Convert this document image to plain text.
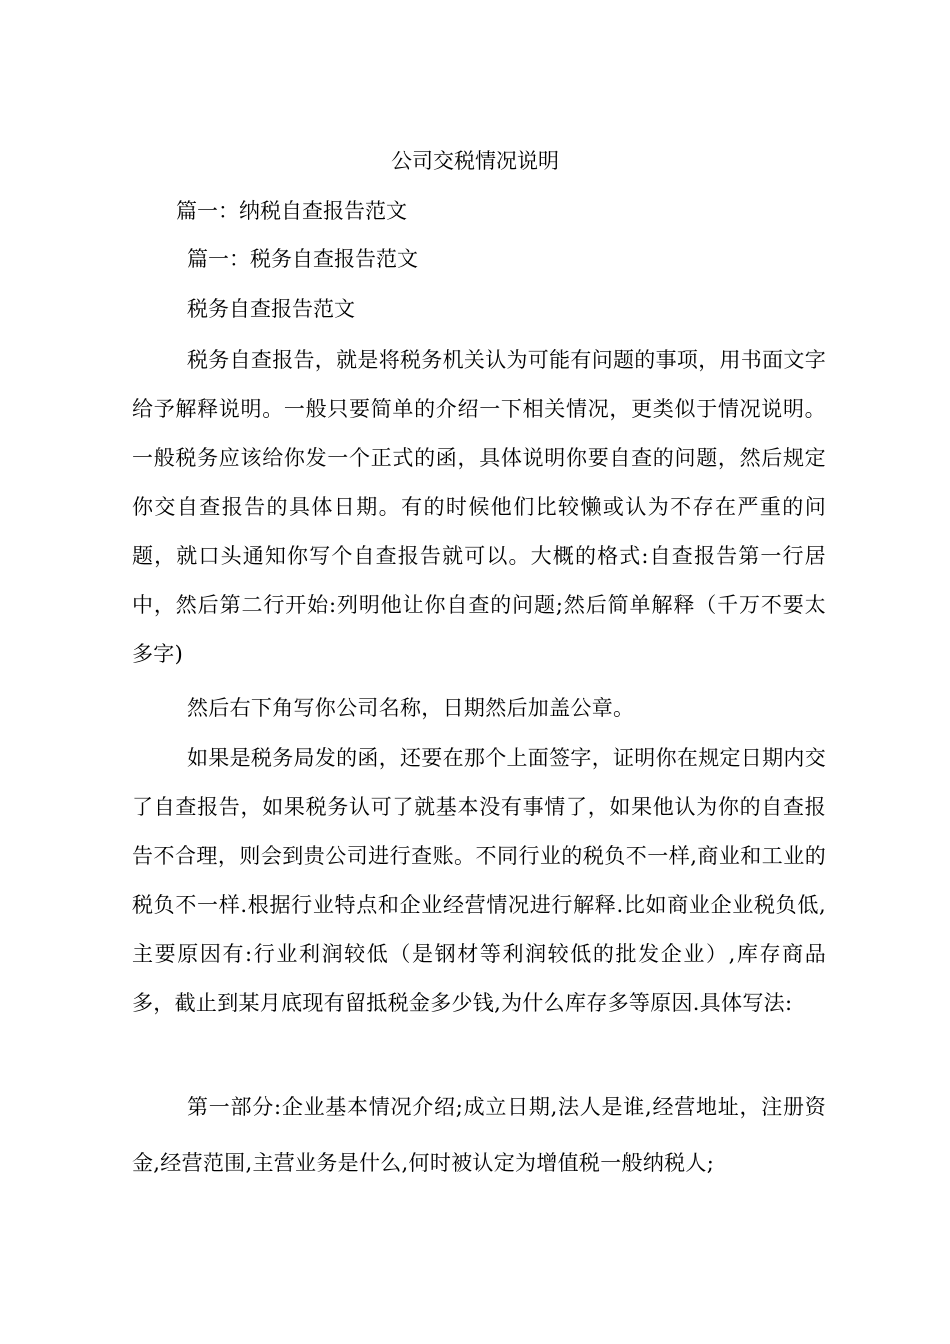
公司交税情况说明
篇一：纳税自查报告范文
篇一：税务自查报告范文
税务自查报告范文

税务自查报告，就是将税务机关认为可能有问题的事项，用书面文字给予解释说明。一般只要简单的介绍一下相关情况，更类似于情况说明。一般税务应该给你发一个正式的函，具体说明你要自查的问题，然后规定你交自查报告的具体日期。有的时候他们比较懒或认为不存在严重的问题，就口头通知你写个自查报告就可以。大概的格式:自查报告第一行居中，然后第二行开始:列明他让你自查的问题;然后简单解释（千万不要太多字)

然后右下角写你公司名称，日期然后加盖公章。

如果是税务局发的函，还要在那个上面签字，证明你在规定日期内交了自查报告，如果税务认可了就基本没有事情了，如果他认为你的自查报告不合理，则会到贵公司进行查账。不同行业的税负不一样,商业和工业的税负不一样.根据行业特点和企业经营情况进行解释.比如商业企业税负低,主要原因有:行业利润较低（是钢材等利润较低的批发企业）,库存商品多，截止到某月底现有留抵税金多少钱,为什么库存多等原因.具体写法:

第一部分:企业基本情况介绍;成立日期,法人是谁,经营地址，注册资金,经营范围,主营业务是什么,何时被认定为增值税一般纳税人;
